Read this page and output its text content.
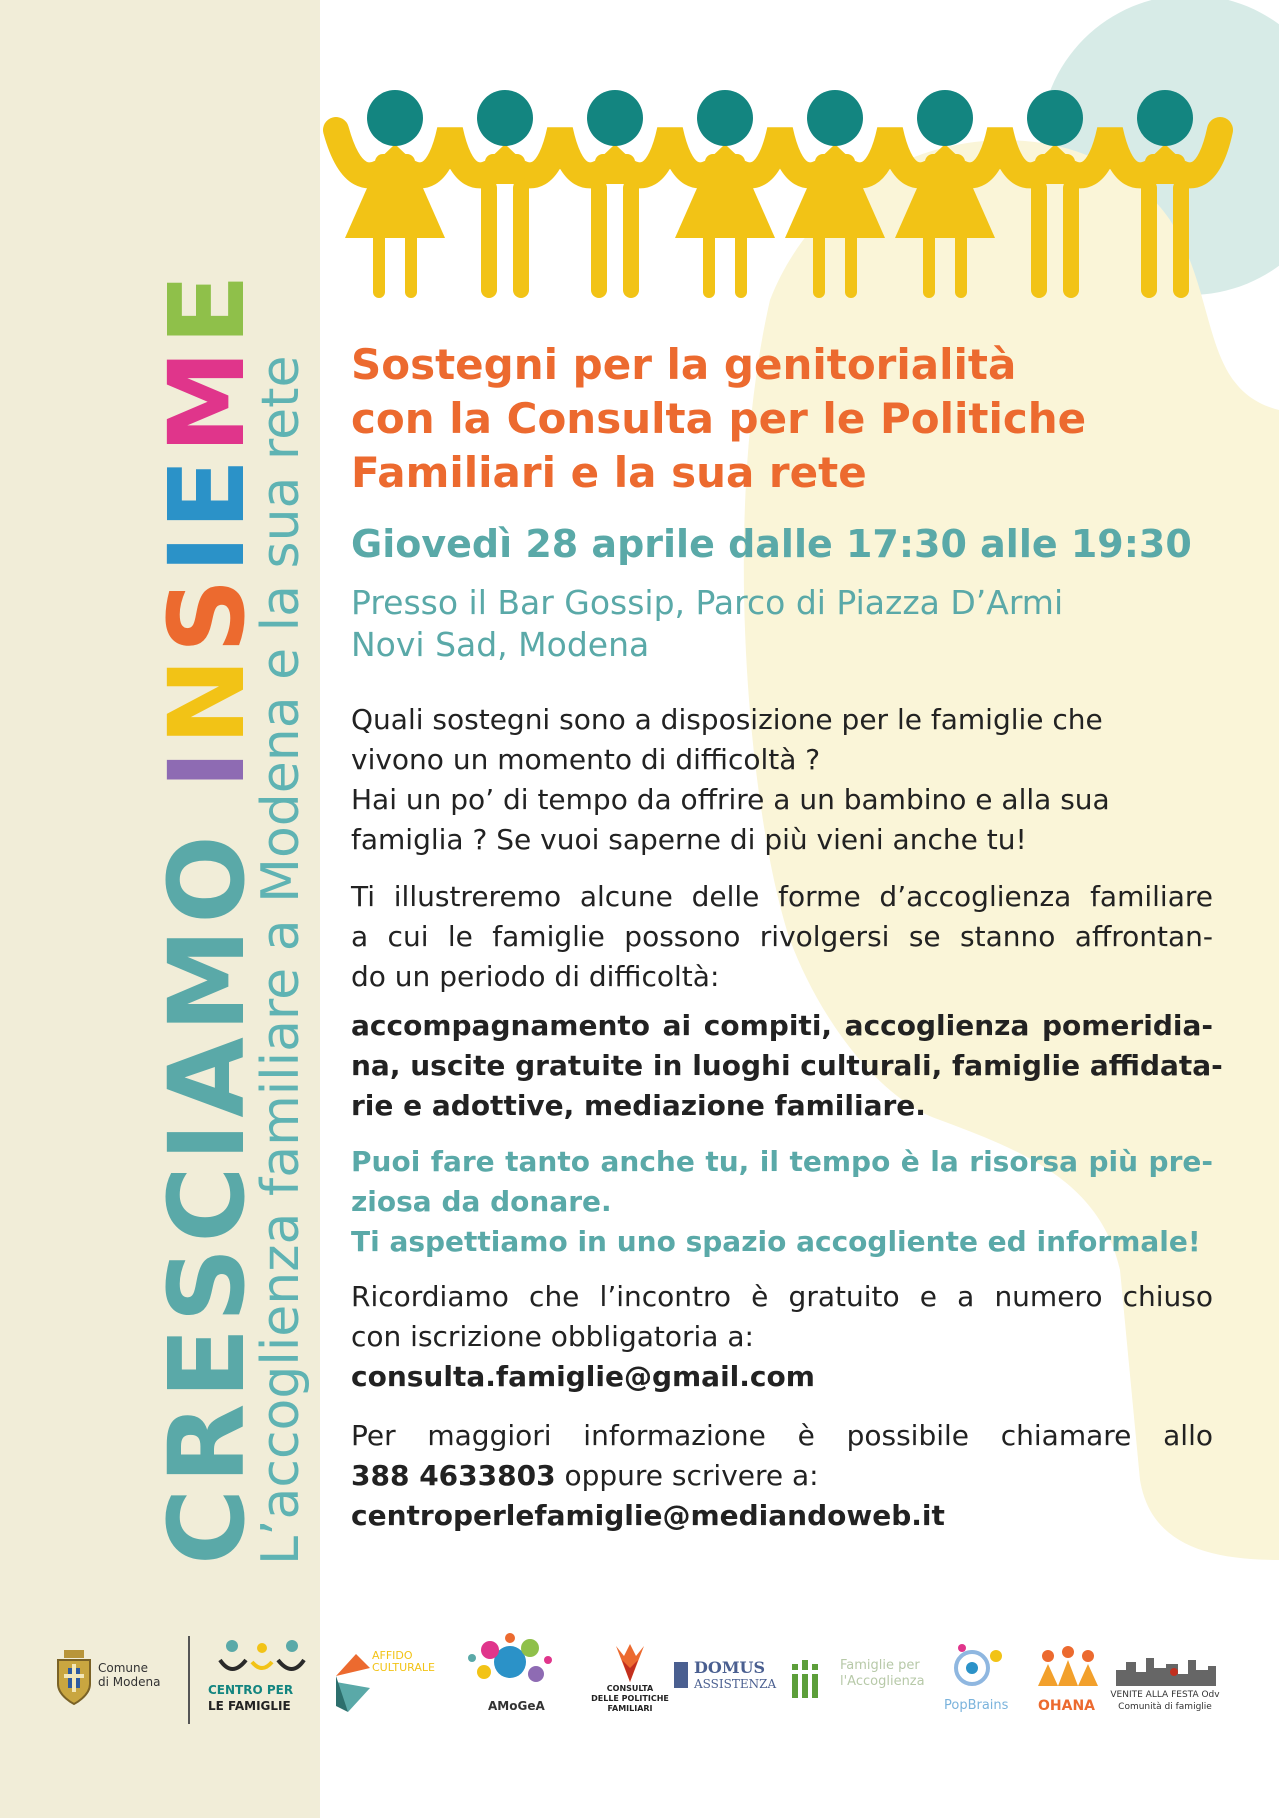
CRESCIAMO INSIEME
L’accoglienza familiare a Modena e la sua rete Sostegni per la genitorialità
con la Consulta per le Politiche
Familiari e la sua rete
Giovedì 28 aprile dalle 17:30 alle 19:30
Presso il Bar Gossip, Parco di Piazza D’Armi
Novi Sad, Modena
Quali sostegni sono a disposizione per le famiglie che
vivono un momento di difficoltà ?
Hai un po’ di tempo da offrire a un bambino e alla sua
famiglia ? Se vuoi saperne di più vieni anche tu!
Ti illustreremo alcune delle forme d’accoglienza familiare
a cui le famiglie possono rivolgersi se stanno affrontan-
do un periodo di difficoltà:
accompagnamento ai compiti, accoglienza pomeridia-
na, uscite gratuite in luoghi culturali, famiglie affidata-
rie e adottive, mediazione familiare.
Puoi fare tanto anche tu, il tempo è la risorsa più pre-
ziosa da donare.
Ti aspettiamo in uno spazio accogliente ed informale!
Ricordiamo che l’incontro è gratuito e a numero chiuso
con iscrizione obbligatoria a:
consulta.famiglie@gmail.com
Per maggiori informazione è possibile chiamare allo
388 4633803 oppure scrivere a:
centroperlefamiglie@mediandoweb.it
Comune
di Modena
CENTRO PER
LE FAMIGLIE
AFFIDO
CULTURALE
AMoGeA
CONSULTA
DELLE POLITICHE
FAMILIARI
DOMUS
ASSISTENZA
Famiglie per
l'Accoglienza
PopBrains OHANA
VENITE ALLA FESTA Odv
Comunità di famiglie
